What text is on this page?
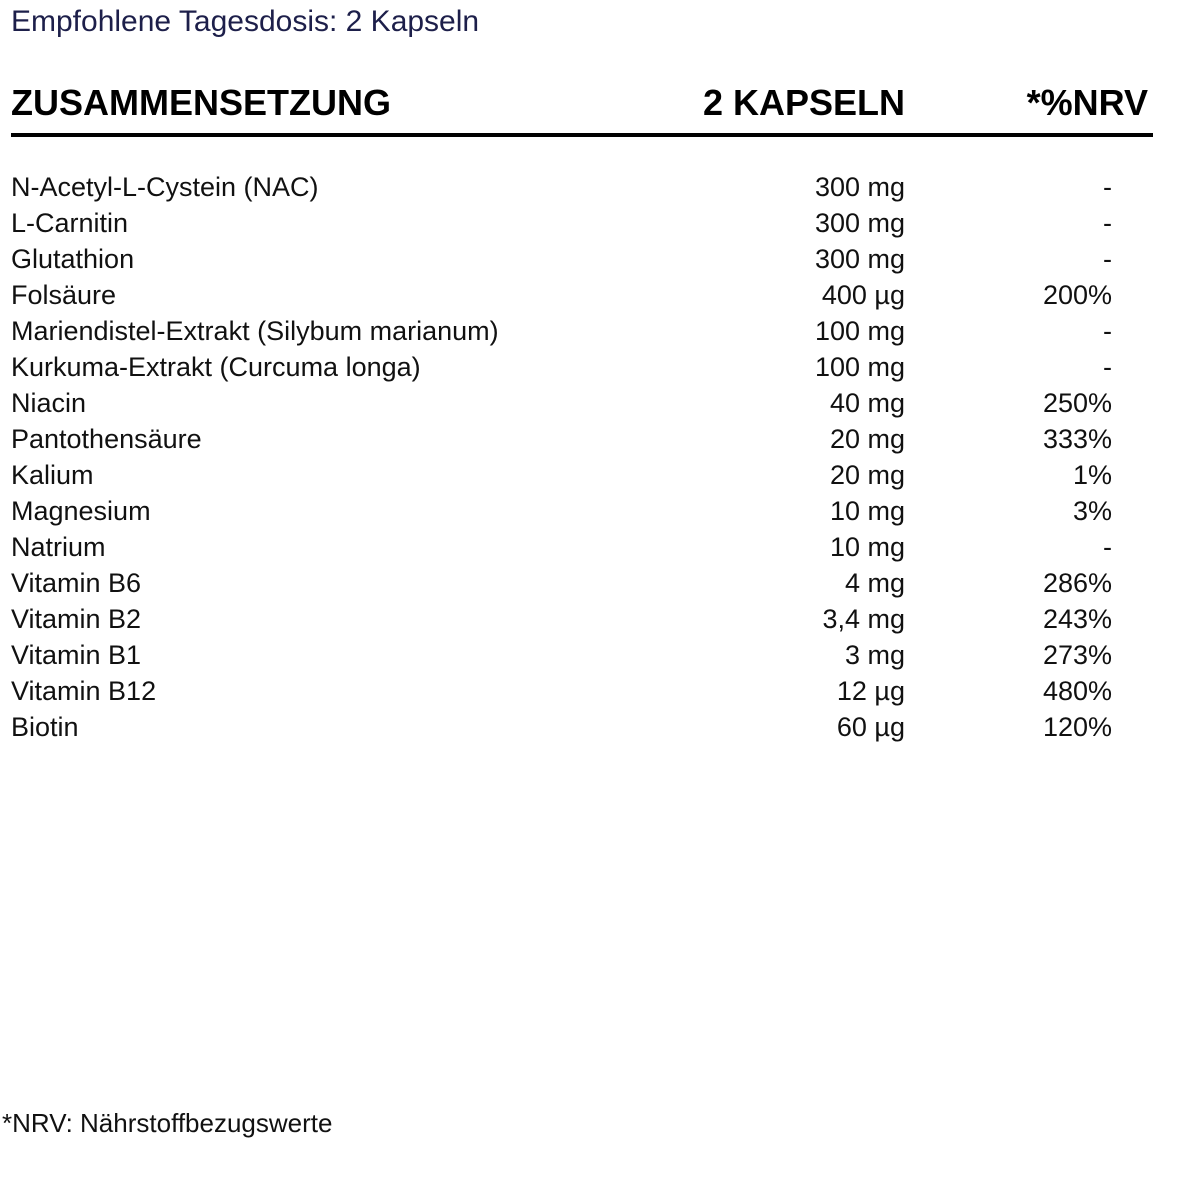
Empfohlene Tagesdosis: 2 Kapseln
ZUSAMMENSETZUNG	2 KAPSELN	*%NRV
N-Acetyl-L-Cystein (NAC)	300 mg	-
L-Carnitin	300 mg	-
Glutathion	300 mg	-
Folsäure	400 µg	200%
Mariendistel-Extrakt (Silybum marianum)	100 mg	-
Kurkuma-Extrakt (Curcuma longa)	100 mg	-
Niacin	40 mg	250%
Pantothensäure	20 mg	333%
Kalium	20 mg	1%
Magnesium	10 mg	3%
Natrium	10 mg	-
Vitamin B6	4 mg	286%
Vitamin B2	3,4 mg	243%
Vitamin B1	3 mg	273%
Vitamin B12	12 µg	480%
Biotin	60 µg	120%
*NRV: Nährstoffbezugswerte
